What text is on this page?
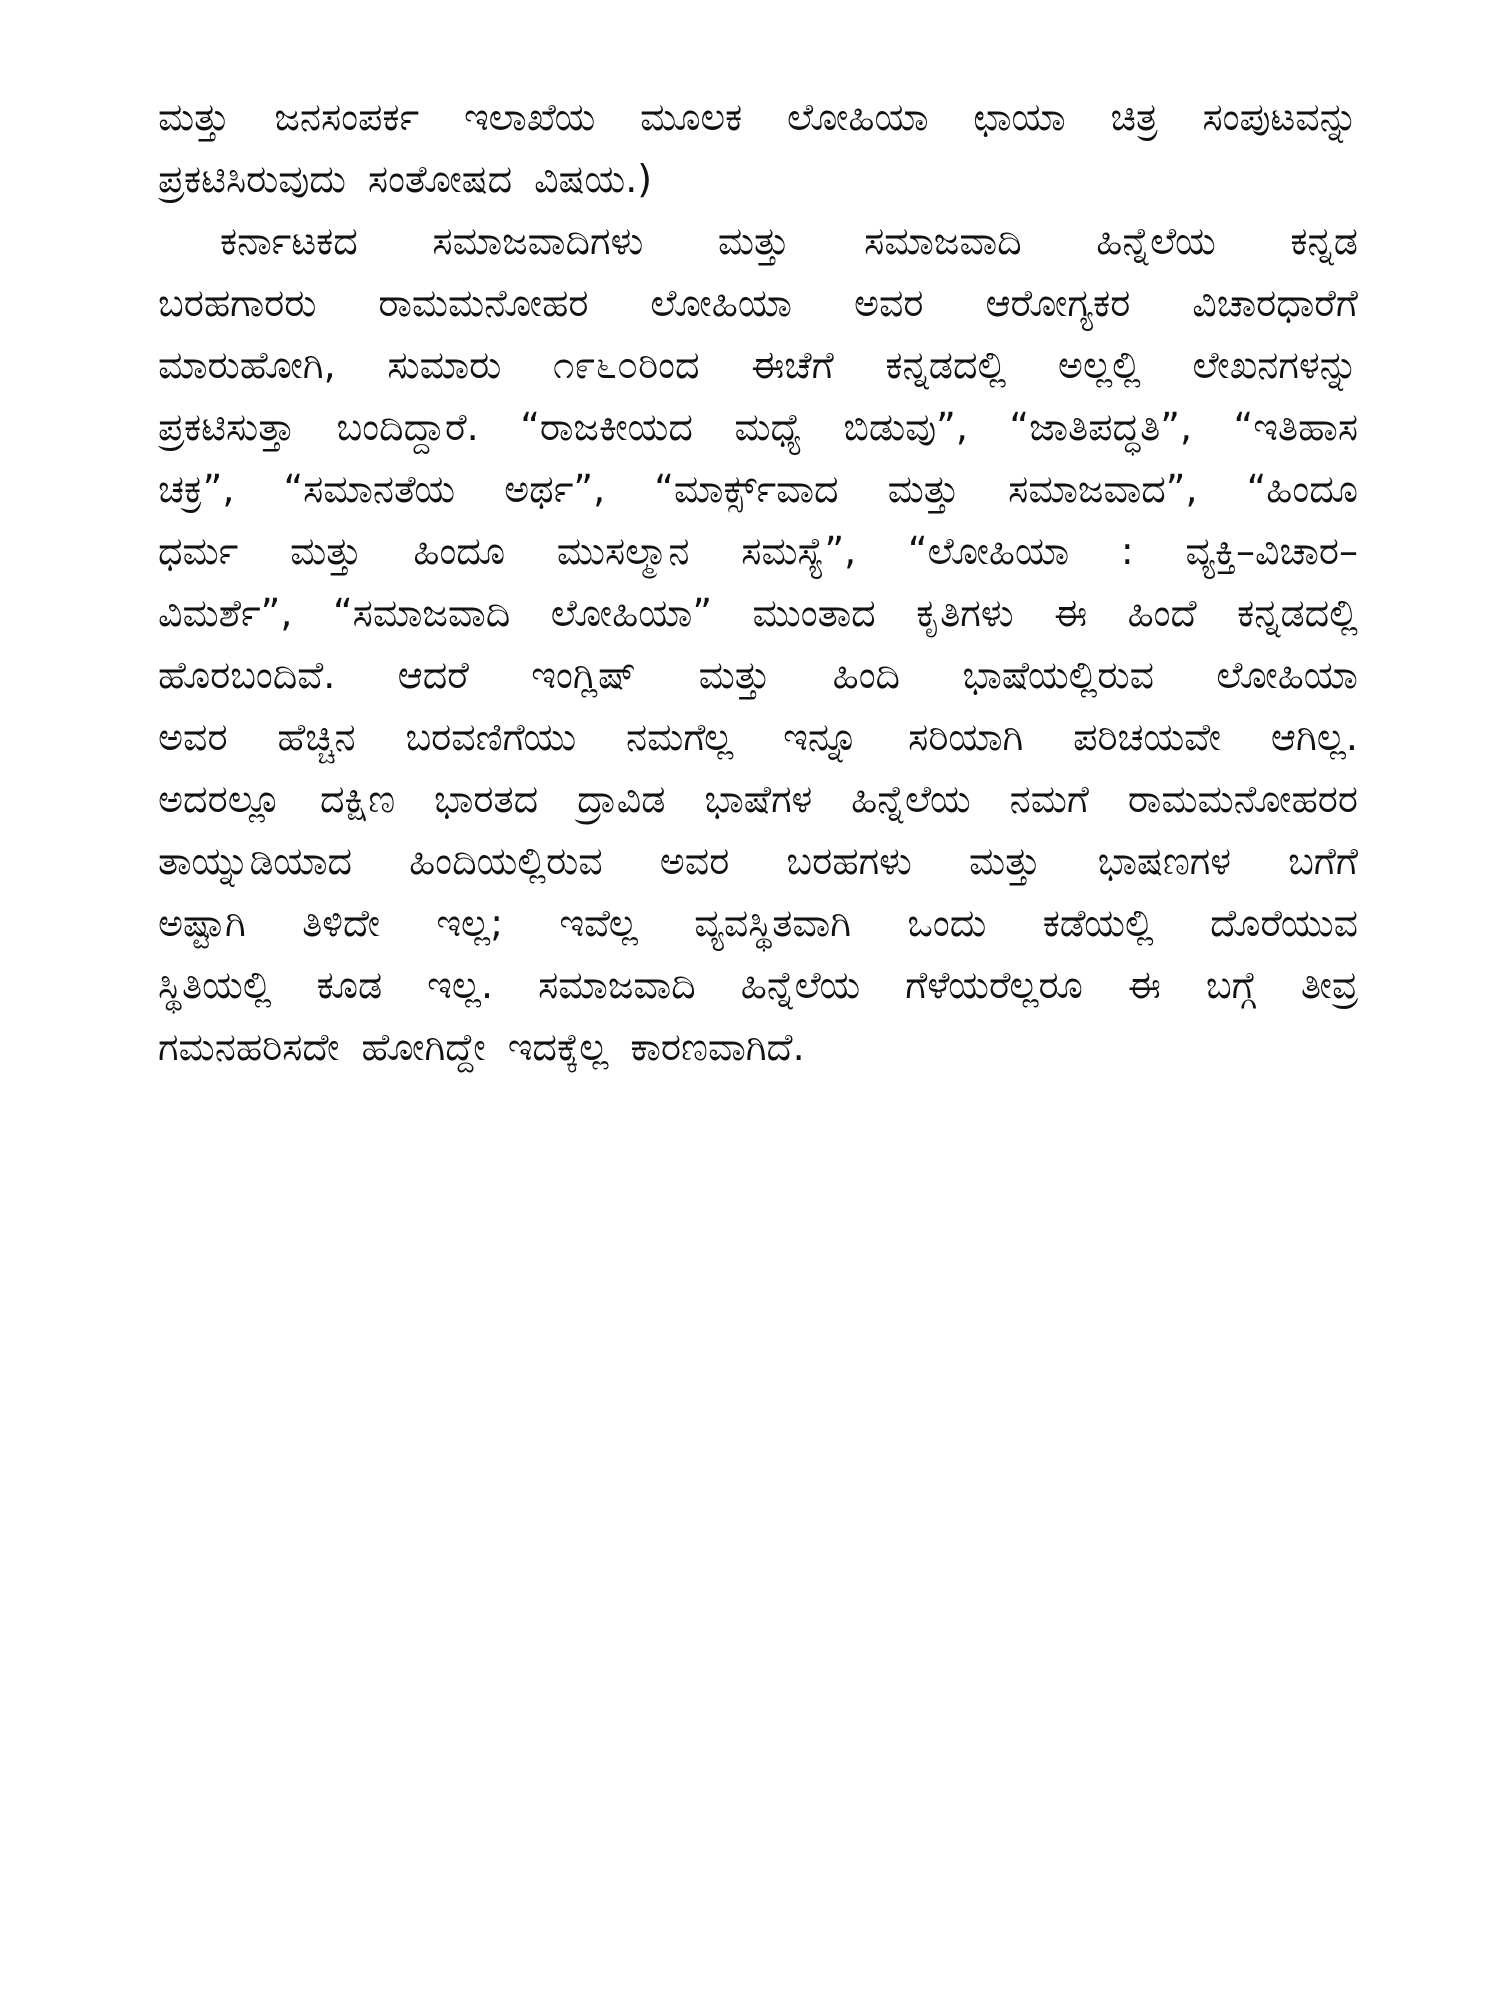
ಮತ್ತು ಜನಸಂಪರ್ಕ ಇಲಾಖೆಯ ಮೂಲಕ ಲೋಹಿಯಾ ಛಾಯಾ ಚಿತ್ರ ಸಂಪುಟವನ್ನು
ಪ್ರಕಟಿಸಿರುವುದು ಸಂತೋಷದ ವಿಷಯ.)
ಕರ್ನಾಟಕದ ಸಮಾಜವಾದಿಗಳು ಮತ್ತು ಸಮಾಜವಾದಿ ಹಿನ್ನೆಲೆಯ ಕನ್ನಡ
ಬರಹಗಾರರು ರಾಮಮನೋಹರ ಲೋಹಿಯಾ ಅವರ ಆರೋಗ್ಯಕರ ವಿಚಾರಧಾರೆಗೆ
ಮಾರುಹೋಗಿ, ಸುಮಾರು ೧೯೬೦ರಿಂದ ಈಚೆಗೆ ಕನ್ನಡದಲ್ಲಿ ಅಲ್ಲಲ್ಲಿ ಲೇಖನಗಳನ್ನು
ಪ್ರಕಟಿಸುತ್ತಾ ಬಂದಿದ್ದಾರೆ. “ರಾಜಕೀಯದ ಮಧ್ಯೆ ಬಿಡುವು”, “ಜಾತಿಪದ್ಧತಿ”, “ಇತಿಹಾಸ
ಚಕ್ರ”, “ಸಮಾನತೆಯ ಅರ್ಥ”, “ಮಾರ್ಕ್ಸ್‌ವಾದ ಮತ್ತು ಸಮಾಜವಾದ”, “ಹಿಂದೂ
ಧರ್ಮ ಮತ್ತು ಹಿಂದೂ ಮುಸಲ್ಮಾನ ಸಮಸ್ಯೆ”, “ಲೋಹಿಯಾ : ವ್ಯಕ್ತಿ–ವಿಚಾರ–
ವಿಮರ್ಶೆ”, “ಸಮಾಜವಾದಿ ಲೋಹಿಯಾ” ಮುಂತಾದ ಕೃತಿಗಳು ಈ ಹಿಂದೆ ಕನ್ನಡದಲ್ಲಿ
ಹೊರಬಂದಿವೆ. ಆದರೆ ಇಂಗ್ಲಿಷ್ ಮತ್ತು ಹಿಂದಿ ಭಾಷೆಯಲ್ಲಿರುವ ಲೋಹಿಯಾ
ಅವರ ಹೆಚ್ಚಿನ ಬರವಣಿಗೆಯು ನಮಗೆಲ್ಲ ಇನ್ನೂ ಸರಿಯಾಗಿ ಪರಿಚಯವೇ ಆಗಿಲ್ಲ.
ಅದರಲ್ಲೂ ದಕ್ಷಿಣ ಭಾರತದ ದ್ರಾವಿಡ ಭಾಷೆಗಳ ಹಿನ್ನೆಲೆಯ ನಮಗೆ ರಾಮಮನೋಹರರ
ತಾಯ್ನುಡಿಯಾದ ಹಿಂದಿಯಲ್ಲಿರುವ ಅವರ ಬರಹಗಳು ಮತ್ತು ಭಾಷಣಗಳ ಬಗೆಗೆ
ಅಷ್ಟಾಗಿ ತಿಳಿದೇ ಇಲ್ಲ; ಇವೆಲ್ಲ ವ್ಯವಸ್ಥಿತವಾಗಿ ಒಂದು ಕಡೆಯಲ್ಲಿ ದೊರೆಯುವ
ಸ್ಥಿತಿಯಲ್ಲಿ ಕೂಡ ಇಲ್ಲ. ಸಮಾಜವಾದಿ ಹಿನ್ನೆಲೆಯ ಗೆಳೆಯರೆಲ್ಲರೂ ಈ ಬಗ್ಗೆ ತೀವ್ರ
ಗಮನಹರಿಸದೇ ಹೋಗಿದ್ದೇ ಇದಕ್ಕೆಲ್ಲ ಕಾರಣವಾಗಿದೆ.
